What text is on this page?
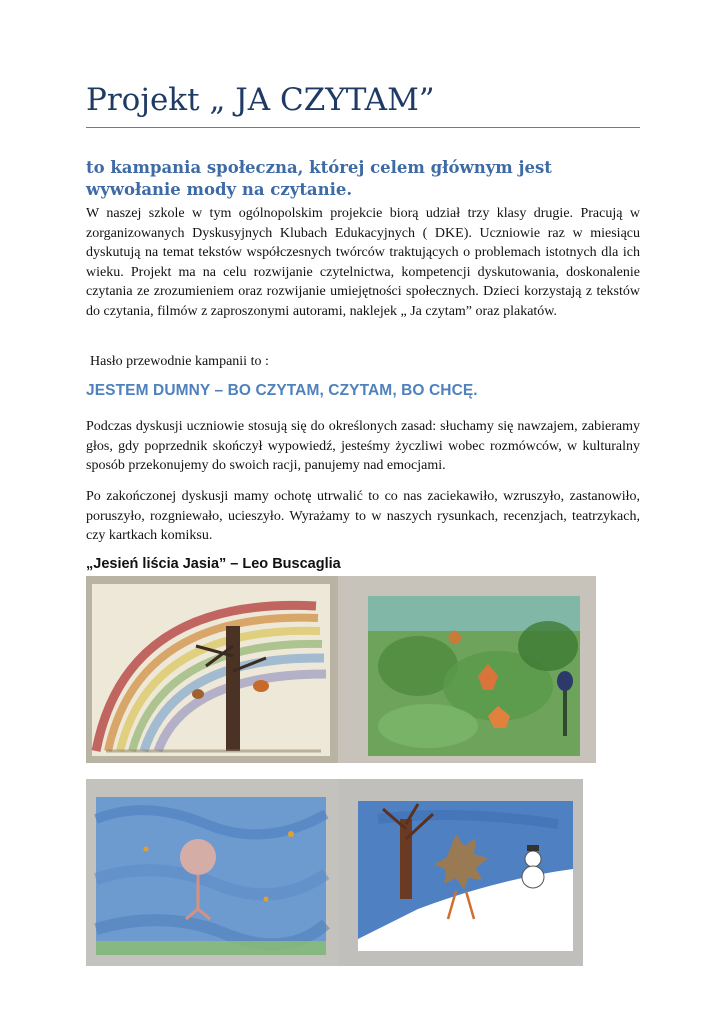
Projekt „ JA CZYTAM”
to kampania społeczna, której celem głównym jest wywołanie mody na czytanie.

W naszej szkole w tym ogólnopolskim projekcie biorą udział trzy klasy drugie. Pracują w zorganizowanych Dyskusyjnych Klubach Edukacyjnych ( DKE). Uczniowie raz w miesiącu dyskutują na temat tekstów współczesnych twórców traktujących o problemach istotnych dla ich wieku. Projekt ma na celu rozwijanie czytelnictwa, kompetencji dyskutowania, doskonalenie czytania ze zrozumieniem oraz rozwijanie umiejętności społecznych. Dzieci korzystają z tekstów do czytania, filmów z zaproszonymi autorami, naklejek „ Ja czytam” oraz plakatów.

Hasło przewodnie kampanii to :

JESTEM DUMNY – BO CZYTAM, CZYTAM, BO CHCĘ.

Podczas dyskusji uczniowie stosują się do określonych zasad: słuchamy się nawzajem, zabieramy głos, gdy poprzednik skończył wypowiedź, jesteśmy życzliwi wobec rozmówców, w kulturalny sposób przekonujemy do swoich racji, panujemy nad emocjami.

Po zakończonej dyskusji mamy ochotę utrwalić to co nas zaciekawiło, wzruszyło, zastanowiło, poruszyło, rozgniewało, ucieszyło. Wyrażamy to w naszych rysunkach, recenzjach, teatrzykach, czy kartkach komiksu.

„Jesień liścia Jasia” – Leo Buscaglia
